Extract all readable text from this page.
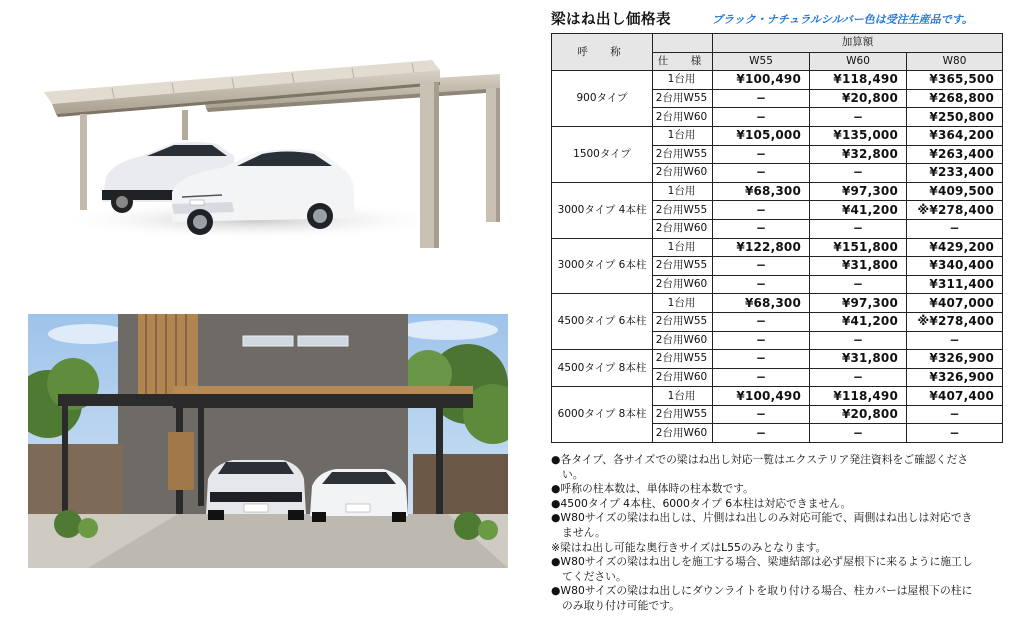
梁はね出し価格表	ブラック・ナチュラルシルバー色は受注生産品です。
呼　称		加算額		
	仕　様	W55	W60	W80
900タイプ	1台用	¥100,490	¥118,490	¥365,500
	2台用W55	−	¥20,800	¥268,800
	2台用W60	−	−	¥250,800
1500タイプ	1台用	¥105,000	¥135,000	¥364,200
	2台用W55	−	¥32,800	¥263,400
	2台用W60	−	−	¥233,400
3000タイプ 4本柱	1台用	¥68,300	¥97,300	¥409,500
	2台用W55	−	¥41,200	※¥278,400
	2台用W60	−	−	−
3000タイプ 6本柱	1台用	¥122,800	¥151,800	¥429,200
	2台用W55	−	¥31,800	¥340,400
	2台用W60	−	−	¥311,400
4500タイプ 6本柱	1台用	¥68,300	¥97,300	¥407,000
	2台用W55	−	¥41,200	※¥278,400
	2台用W60	−	−	−
4500タイプ 8本柱	2台用W55	−	¥31,800	¥326,900
	2台用W60	−	−	¥326,900
6000タイプ 8本柱	1台用	¥100,490	¥118,490	¥407,400
	2台用W55	−	¥20,800	−
	2台用W60	−	−	−
●各タイプ、各サイズでの梁はね出し対応一覧はエクステリア発注資料をご確認くださ
い。
●呼称の柱本数は、単体時の柱本数です。
●4500タイプ 4本柱、6000タイプ 6本柱は対応できません。
●W80サイズの梁はね出しは、片側はね出しのみ対応可能で、両側はね出しは対応でき
ません。
※梁はね出し可能な奥行きサイズはL55のみとなります。
●W80サイズの梁はね出しを施工する場合、梁連結部は必ず屋根下に来るように施工し
てください。
●W80サイズの梁はね出しにダウンライトを取り付ける場合、柱カバーは屋根下の柱に
のみ取り付け可能です。
